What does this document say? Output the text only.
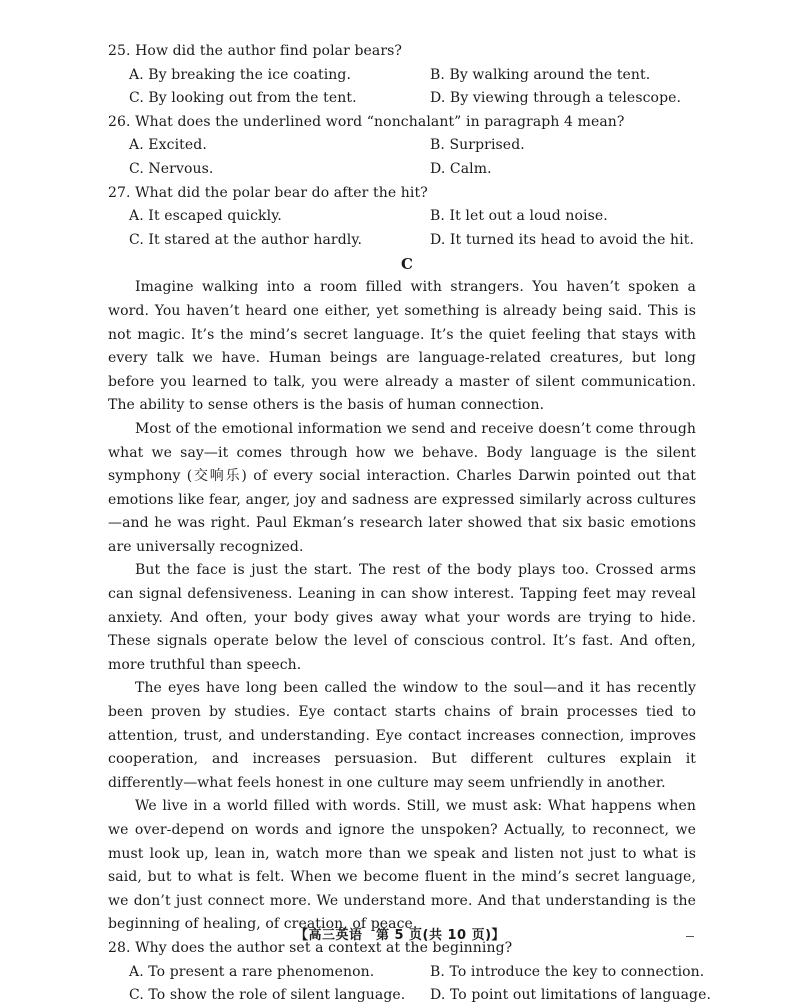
25. How did the author find polar bears?
A. By breaking the ice coating.	B. By walking around the tent.
C. By looking out from the tent.	D. By viewing through a telescope.
26. What does the underlined word “nonchalant” in paragraph 4 mean?
A. Excited.	B. Surprised.
C. Nervous.	D. Calm.
27. What did the polar bear do after the hit?
A. It escaped quickly.	B. It let out a loud noise.
C. It stared at the author hardly.	D. It turned its head to avoid the hit.
C

Imagine walking into a room filled with strangers. You haven’t spoken a word. You haven’t heard one either, yet something is already being said. This is not magic. It’s the mind’s secret language. It’s the quiet feeling that stays with every talk we have. Human beings are language-related creatures, but long before you learned to talk, you were already a master of silent communication. The ability to sense others is the basis of human connection.

Most of the emotional information we send and receive doesn’t come through what we say—it comes through how we behave. Body language is the silent symphony (交响乐) of every social interaction. Charles Darwin pointed out that emotions like fear, anger, joy and sadness are expressed similarly across cultures—and he was right. Paul Ekman’s research later showed that six basic emotions are universally recognized.

But the face is just the start. The rest of the body plays too. Crossed arms can signal defensiveness. Leaning in can show interest. Tapping feet may reveal anxiety. And often, your body gives away what your words are trying to hide. These signals operate below the level of conscious control. It’s fast. And often, more truthful than speech.

The eyes have long been called the window to the soul—and it has recently been proven by studies. Eye contact starts chains of brain processes tied to attention, trust, and understanding. Eye contact increases connection, improves cooperation, and increases persuasion. But different cultures explain it differently—what feels honest in one culture may seem unfriendly in another.

We live in a world filled with words. Still, we must ask: What happens when we over-depend on words and ignore the unspoken? Actually, to reconnect, we must look up, lean in, watch more than we speak and listen not just to what is said, but to what is felt. When we become fluent in the mind’s secret language, we don’t just connect more. We understand more. And that understanding is the beginning of healing, of creation, of peace.

28. Why does the author set a context at the beginning?
A. To present a rare phenomenon.	B. To introduce the key to connection.
C. To show the role of silent language.	D. To point out limitations of language.
【高三英语　第 5 页(共 10 页)】
